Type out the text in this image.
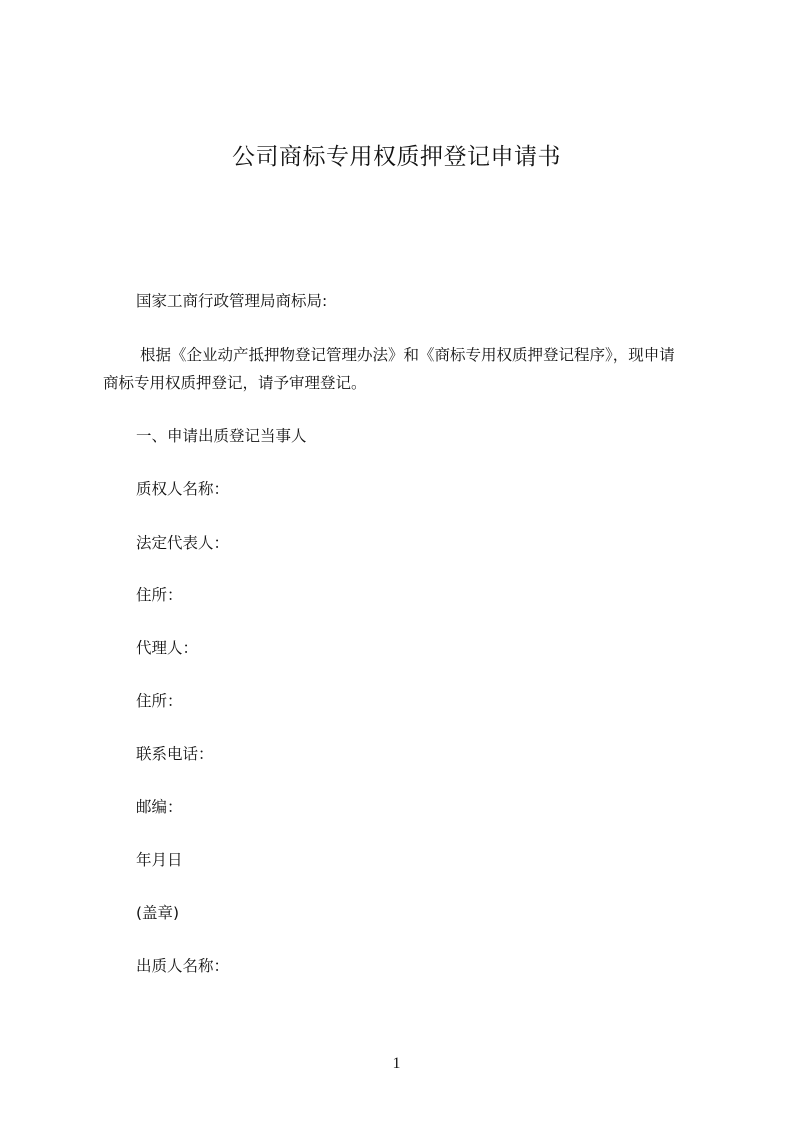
公司商标专用权质押登记申请书
国家工商行政管理局商标局:
根据《企业动产抵押物登记管理办法》和《商标专用权质押登记程序》，现申请
商标专用权质押登记，请予审理登记。
一、申请出质登记当事人
质权人名称：
法定代表人：
住所：
代理人：
住所：
联系电话：
邮编：
年月日
(盖章)
出质人名称：
1
